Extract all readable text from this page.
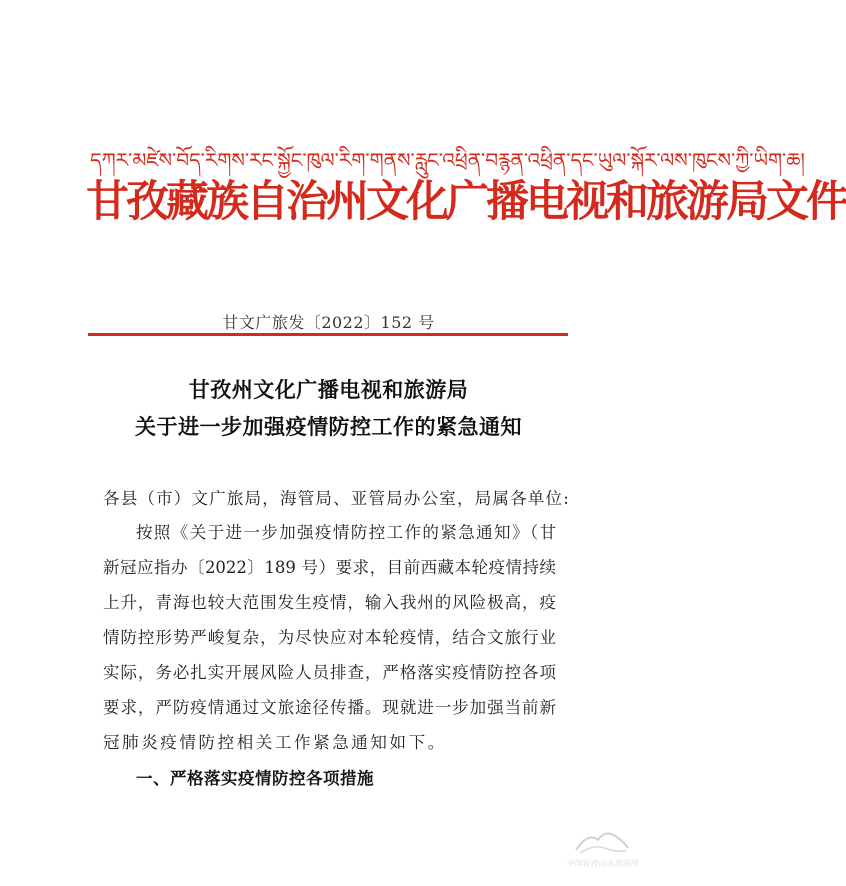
དཀར་མཛེས་བོད་རིགས་རང་སྐྱོང་ཁུལ་རིག་གནས་རླུང་འཕྲིན་བརྙན་འཕྲིན་དང་ཡུལ་སྐོར་ལས་ཁུངས་ཀྱི་ཡིག་ཆ།
甘孜藏族自治州文化广播电视和旅游局文件
甘文广旅发〔2022〕152 号
甘孜州文化广播电视和旅游局
关于进一步加强疫情防控工作的紧急通知
各县（市）文广旅局，海管局、亚管局办公室，局属各单位:
按照《关于进一步加强疫情防控工作的紧急通知》（甘
新冠应指办〔2022〕189 号）要求，目前西藏本轮疫情持续
上升，青海也较大范围发生疫情，输入我州的风险极高，疫
情防控形势严峻复杂，为尽快应对本轮疫情，结合文旅行业
实际，务必扎实开展风险人员排查，严格落实疫情防控各项
要求，严防疫情通过文旅途径传播。现就进一步加强当前新
冠肺炎疫情防控相关工作紧急通知如下。
一、严格落实疫情防控各项措施
中国甘孜山水旅游网
